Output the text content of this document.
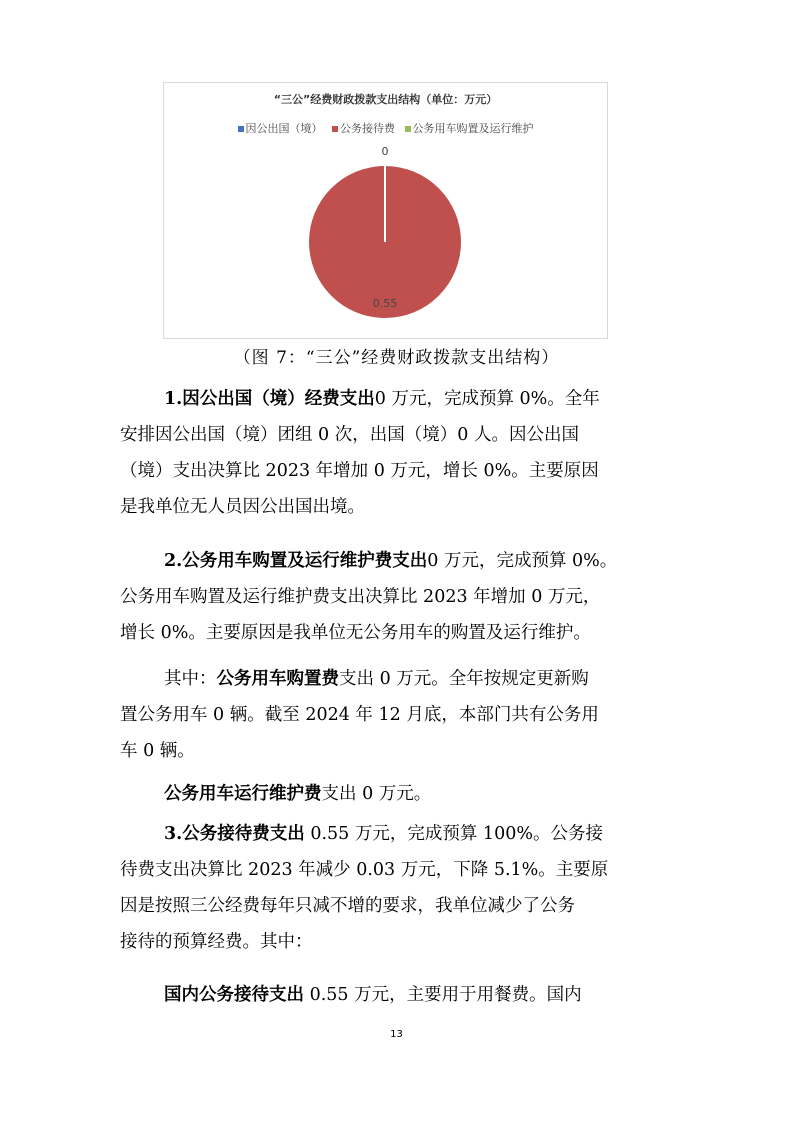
“三公”经费财政拨款支出结构（单位：万元）
因公出国（境） 公务接待费 公务用车购置及运行维护
0
0.55
（图 7：“三公”经费财政拨款支出结构）

1.因公出国（境）经费支出0 万元，完成预算 0%。全年
安排因公出国（境）团组 0 次，出国（境）0 人。因公出国
（境）支出决算比 2023 年增加 0 万元，增长 0%。主要原因
是我单位无人员因公出国出境。

2.公务用车购置及运行维护费支出0 万元，完成预算 0%。
公务用车购置及运行维护费支出决算比 2023 年增加 0 万元，
增长 0%。主要原因是我单位无公务用车的购置及运行维护。

其中：公务用车购置费支出 0 万元。全年按规定更新购
置公务用车 0 辆。截至 2024 年 12 月底，本部门共有公务用
车 0 辆。

公务用车运行维护费支出 0 万元。

3.公务接待费支出 0.55 万元，完成预算 100%。公务接
待费支出决算比 2023 年减少 0.03 万元，下降 5.1%。主要原
因是按照三公经费每年只减不增的要求，我单位减少了公务
接待的预算经费。其中：

国内公务接待支出 0.55 万元，主要用于用餐费。国内

13
